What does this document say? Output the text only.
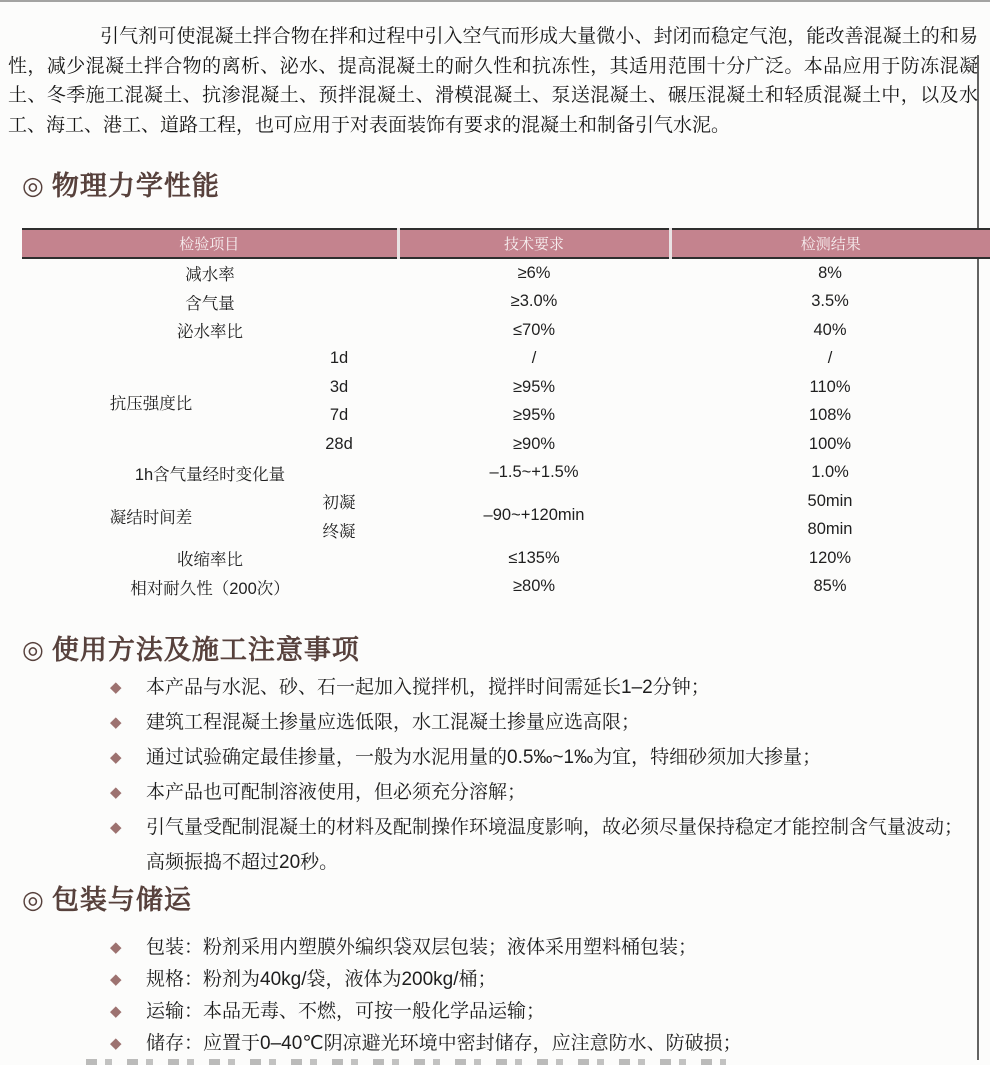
引气剂可使混凝土拌合物在拌和过程中引入空气而形成大量微小、封闭而稳定气泡，能改善混凝土的和易性，减少混凝土拌合物的离析、泌水、提高混凝土的耐久性和抗冻性，其适用范围十分广泛。本品应用于防冻混凝土、冬季施工混凝土、抗渗混凝土、预拌混凝土、滑模混凝土、泵送混凝土、碾压混凝土和轻质混凝土中，以及水工、海工、港工、道路工程，也可应用于对表面装饰有要求的混凝土和制备引气水泥。

◎ 物理力学性能
检验项目		技术要求	检测结果
减水率		≥6%	8%
含气量		≥3.0%	3.5%
泌水率比		≤70%	40%
抗压强度比	1d	/	/
	3d	≥95%	110%
	7d	≥95%	108%
	28d	≥90%	100%
1h含气量经时变化量		–1.5~+1.5%	1.0%
凝结时间差	初凝	–90~+120min	50min
	终凝		80min
收缩率比		≤135%	120%
相对耐久性（200次）		≥80%	85%
◎ 使用方法及施工注意事项
◆ 本产品与水泥、砂、石一起加入搅拌机，搅拌时间需延长1–2分钟；
◆ 建筑工程混凝土掺量应选低限，水工混凝土掺量应选高限；
◆ 通过试验确定最佳掺量，一般为水泥用量的0.5‰~1‰为宜，特细砂须加大掺量；
◆ 本产品也可配制溶液使用，但必须充分溶解；
◆ 引气量受配制混凝土的材料及配制操作环境温度影响，故必须尽量保持稳定才能控制含气量波动；
高频振捣不超过20秒。
◎ 包装与储运
◆ 包装：粉剂采用内塑膜外编织袋双层包装；液体采用塑料桶包装；
◆ 规格：粉剂为40kg/袋，液体为200kg/桶；
◆ 运输：本品无毒、不燃，可按一般化学品运输；
◆ 储存：应置于0–40℃阴凉避光环境中密封储存，应注意防水、防破损；
